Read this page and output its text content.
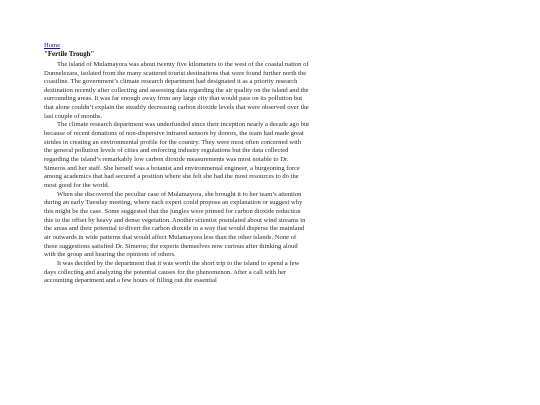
Home
"Fertile Trough"

The island of Mulamayora was about twenty five kilometers to the west of the coastal nation of Dunnelezara, isolated from the many scattered tourist destinations that were found further north the coastline. The government’s climate research department had designated it as a priority research destination recently after collecting and assessing data regarding the air quality on the island and the surrounding areas. It was far enough away from any large city that would pass on its pollution but that alone couldn’t explain the steadily decreasing carbon dioxide levels that were observed over the last couple of months.

The climate research department was underfunded since their inception nearly a decade ago but because of recent donations of non-dispersive infrared sensors by donors, the team had made great strides in creating an environmental profile for the country. They were most often concerned with the general pollution levels of cities and enforcing industry regulations but the data collected regarding the island’s remarkably low carbon dioxide measurements was most notable to Dr. Simeros and her staff. She herself was a botanist and environmental engineer, a burgeoning force among academics that had secured a position where she felt she had the most resources to do the most good for the world.

When she discovered the peculiar case of Mulamayora, she brought it to her team’s attention during an early Tuesday meeting, where each expert could propose an explanation or suggest why this might be the case. Some suggested that the jungles were primed for carbon dioxide reduction due to the offset by heavy and dense vegetation. Another scientist postulated about wind streams in the areas and their potential to divert the carbon dioxide in a way that would disperse the mainland air outwards in wide patterns that would affect Mulamayora less than the other islands. None of these suggestions satisfied Dr. Simeros; the experts themselves now curious after thinking aloud with the group and hearing the opinions of others.

It was decided by the department that it was worth the short trip to the island to spend a few days collecting and analyzing the potential causes for the phenomenon. After a call with her accounting department and a few hours of filling out the essential
